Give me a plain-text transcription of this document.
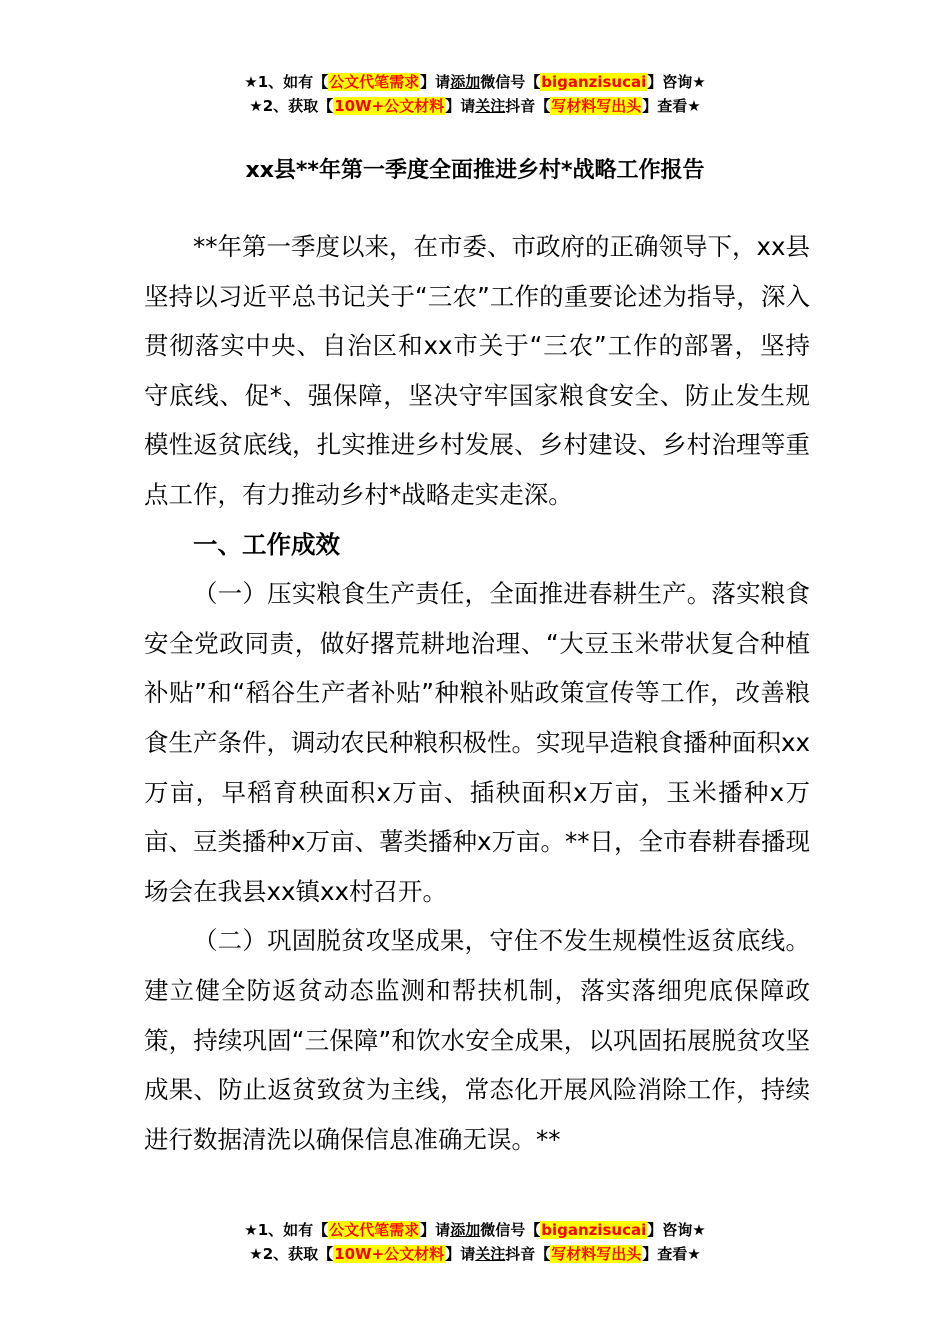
★1、如有【公文代笔需求】请添加微信号【biganzisucai】咨询★
★2、获取【10W+公文材料】请关注抖音【写材料写出头】查看★
xx县**年第一季度全面推进乡村*战略工作报告

**年第一季度以来，在市委、市政府的正确领导下，xx县坚持以习近平总书记关于“三农”工作的重要论述为指导，深入贯彻落实中央、自治区和xx市关于“三农”工作的部署，坚持守底线、促*、强保障，坚决守牢国家粮食安全、防止发生规模性返贫底线，扎实推进乡村发展、乡村建设、乡村治理等重点工作，有力推动乡村*战略走实走深。

一、工作成效

（一）压实粮食生产责任，全面推进春耕生产。落实粮食安全党政同责，做好撂荒耕地治理、“大豆玉米带状复合种植补贴”和“稻谷生产者补贴”种粮补贴政策宣传等工作，改善粮食生产条件，调动农民种粮积极性。实现早造粮食播种面积xx万亩，早稻育秧面积x万亩、插秧面积x万亩，玉米播种x万亩、豆类播种x万亩、薯类播种x万亩。**日，全市春耕春播现场会在我县xx镇xx村召开。

（二）巩固脱贫攻坚成果，守住不发生规模性返贫底线。建立健全防返贫动态监测和帮扶机制，落实落细兜底保障政策，持续巩固“三保障”和饮水安全成果，以巩固拓展脱贫攻坚成果、防止返贫致贫为主线，常态化开展风险消除工作，持续进行数据清洗以确保信息准确无误。**

★1、如有【公文代笔需求】请添加微信号【biganzisucai】咨询★
★2、获取【10W+公文材料】请关注抖音【写材料写出头】查看★
